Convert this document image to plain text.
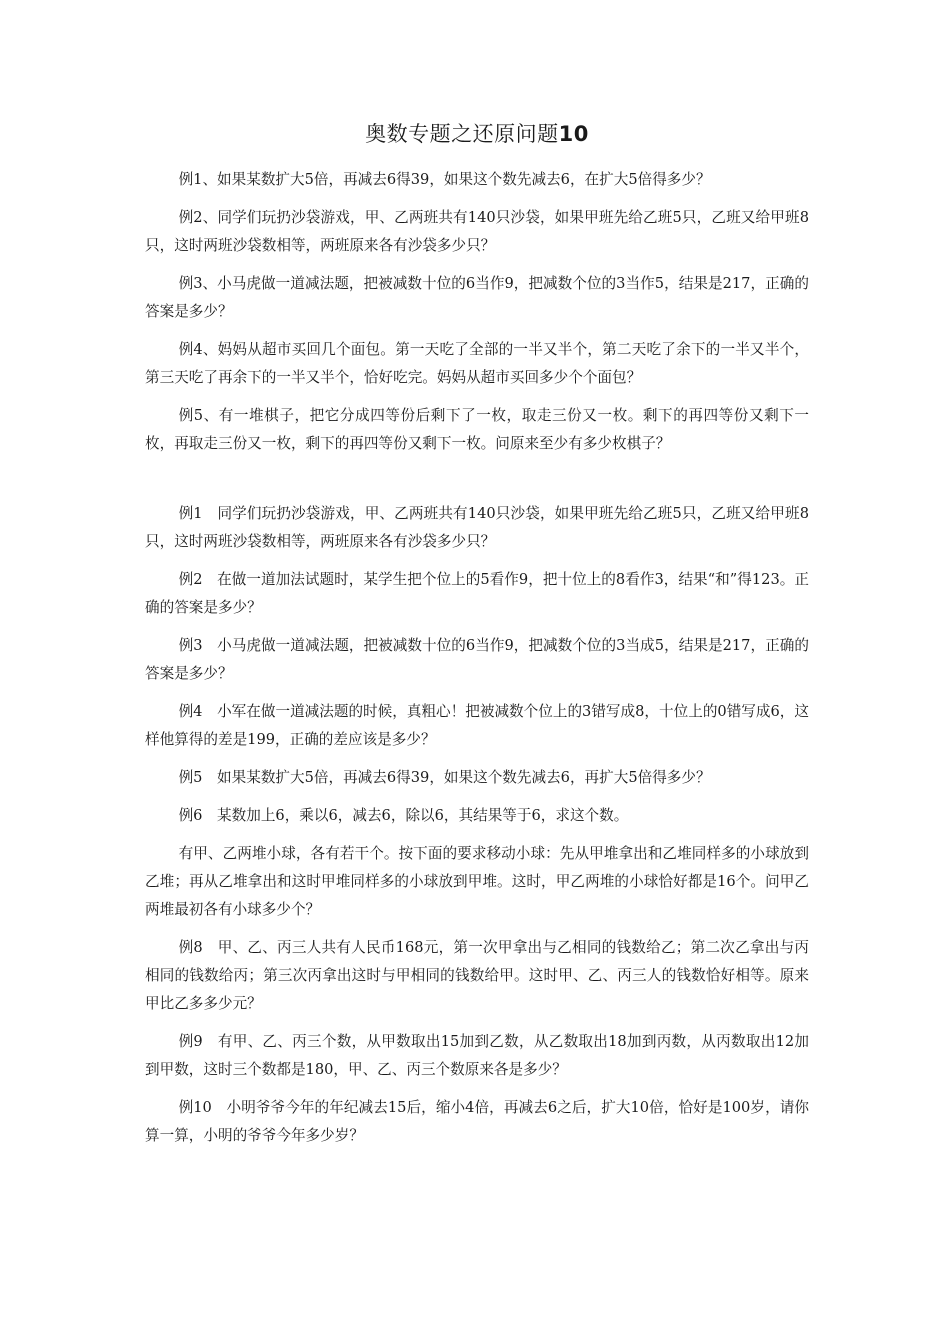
奥数专题之还原问题10

例1、如果某数扩大5倍，再减去6得39，如果这个数先减去6，在扩大5倍得多少？

例2、同学们玩扔沙袋游戏，甲、乙两班共有140只沙袋，如果甲班先给乙班5只，乙班又给甲班8只，这时两班沙袋数相等，两班原来各有沙袋多少只？

例3、小马虎做一道减法题，把被减数十位的6当作9，把减数个位的3当作5，结果是217，正确的答案是多少？

例4、妈妈从超市买回几个面包。第一天吃了全部的一半又半个，第二天吃了余下的一半又半个，第三天吃了再余下的一半又半个，恰好吃完。妈妈从超市买回多少个个面包？

例5、有一堆棋子，把它分成四等份后剩下了一枚，取走三份又一枚。剩下的再四等份又剩下一枚，再取走三份又一枚，剩下的再四等份又剩下一枚。问原来至少有多少枚棋子？

例1　同学们玩扔沙袋游戏，甲、乙两班共有140只沙袋，如果甲班先给乙班5只，乙班又给甲班8只，这时两班沙袋数相等，两班原来各有沙袋多少只？

例2　在做一道加法试题时，某学生把个位上的5看作9，把十位上的8看作3，结果“和”得123。正确的答案是多少？

例3　小马虎做一道减法题，把被减数十位的6当作9，把减数个位的3当成5，结果是217，正确的答案是多少？

例4　小军在做一道减法题的时候，真粗心！把被减数个位上的3错写成8，十位上的0错写成6，这样他算得的差是199，正确的差应该是多少？

例5　如果某数扩大5倍，再减去6得39，如果这个数先减去6，再扩大5倍得多少？

例6　某数加上6，乘以6，减去6，除以6，其结果等于6，求这个数。

有甲、乙两堆小球，各有若干个。按下面的要求移动小球：先从甲堆拿出和乙堆同样多的小球放到乙堆；再从乙堆拿出和这时甲堆同样多的小球放到甲堆。这时，甲乙两堆的小球恰好都是16个。问甲乙两堆最初各有小球多少个？

例8　甲、乙、丙三人共有人民币168元，第一次甲拿出与乙相同的钱数给乙；第二次乙拿出与丙相同的钱数给丙；第三次丙拿出这时与甲相同的钱数给甲。这时甲、乙、丙三人的钱数恰好相等。原来甲比乙多多少元？

例9　有甲、乙、丙三个数，从甲数取出15加到乙数，从乙数取出18加到丙数，从丙数取出12加到甲数，这时三个数都是180，甲、乙、丙三个数原来各是多少？

例10　小明爷爷今年的年纪减去15后，缩小4倍，再减去6之后，扩大10倍，恰好是100岁，请你算一算，小明的爷爷今年多少岁？
